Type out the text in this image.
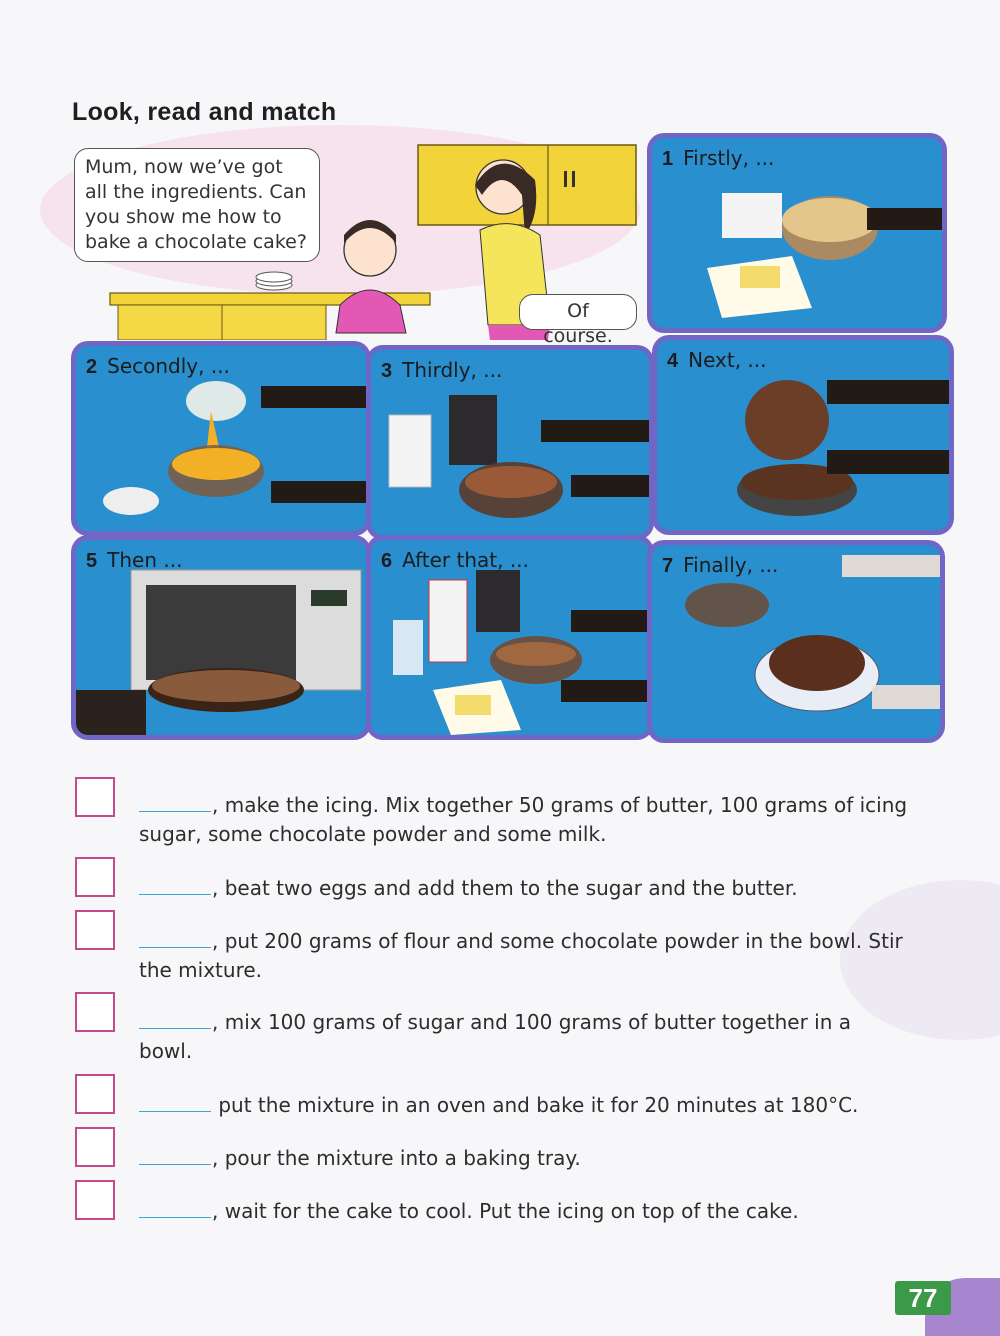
Look, read and match
Mum, now we’ve got all the ingredients. Can you show me how to bake a chocolate cake?
Of course.
1 Firstly, ...
2 Secondly, ...	3 Thirdly, ...	4 Next, ...
5 Then ...	6 After that, ...	7 Finally, ...
, make the icing. Mix together 50 grams of butter, 100 grams of icing sugar, some chocolate powder and some milk.
, beat two eggs and add them to the sugar and the butter.
, put 200 grams of flour and some chocolate powder in the bowl. Stir the mixture.
, mix 100 grams of sugar and 100 grams of butter together in a bowl.
put the mixture in an oven and bake it for 20 minutes at 180°C.
, pour the mixture into a baking tray.
, wait for the cake to cool. Put the icing on top of the cake.
77
